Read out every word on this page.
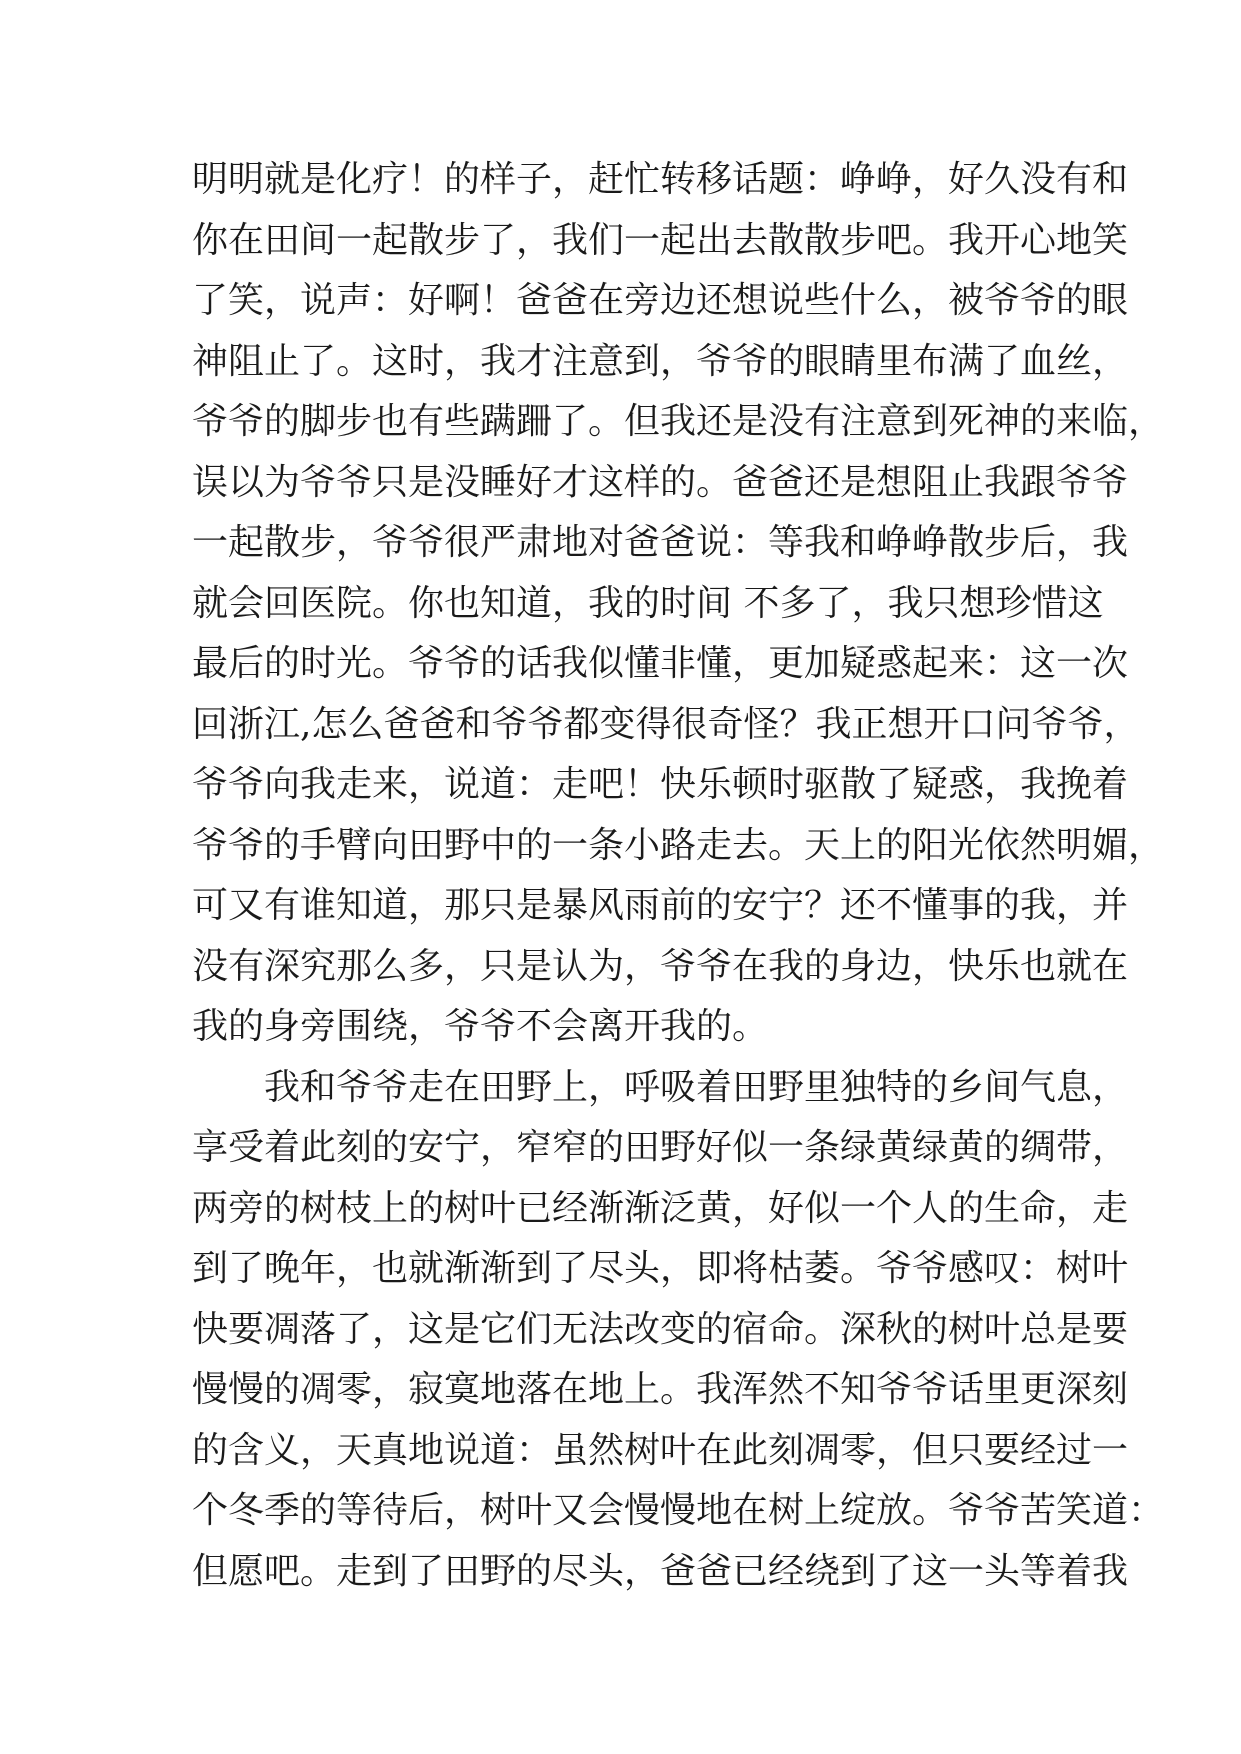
明明就是化疗！的样子，赶忙转移话题：峥峥，好久没有和
你在田间一起散步了，我们一起出去散散步吧。我开心地笑
了笑，说声：好啊！爸爸在旁边还想说些什么，被爷爷的眼
神阻止了。这时，我才注意到，爷爷的眼睛里布满了血丝，
爷爷的脚步也有些蹒跚了。但我还是没有注意到死神的来临，
误以为爷爷只是没睡好才这样的。爸爸还是想阻止我跟爷爷
一起散步，爷爷很严肃地对爸爸说：等我和峥峥散步后，我
就会回医院。你也知道，我的时间 不多了，我只想珍惜这
最后的时光。爷爷的话我似懂非懂，更加疑惑起来：这一次
回浙江,怎么爸爸和爷爷都变得很奇怪？我正想开口问爷爷，
爷爷向我走来，说道：走吧！快乐顿时驱散了疑惑，我挽着
爷爷的手臂向田野中的一条小路走去。天上的阳光依然明媚，
可又有谁知道，那只是暴风雨前的安宁？还不懂事的我，并
没有深究那么多，只是认为，爷爷在我的身边，快乐也就在
我的身旁围绕，爷爷不会离开我的。
我和爷爷走在田野上，呼吸着田野里独特的乡间气息，
享受着此刻的安宁，窄窄的田野好似一条绿黄绿黄的绸带，
两旁的树枝上的树叶已经渐渐泛黄，好似一个人的生命，走
到了晚年，也就渐渐到了尽头，即将枯萎。爷爷感叹：树叶
快要凋落了，这是它们无法改变的宿命。深秋的树叶总是要
慢慢的凋零，寂寞地落在地上。我浑然不知爷爷话里更深刻
的含义，天真地说道：虽然树叶在此刻凋零，但只要经过一
个冬季的等待后，树叶又会慢慢地在树上绽放。爷爷苦笑道：
但愿吧。走到了田野的尽头，爸爸已经绕到了这一头等着我
